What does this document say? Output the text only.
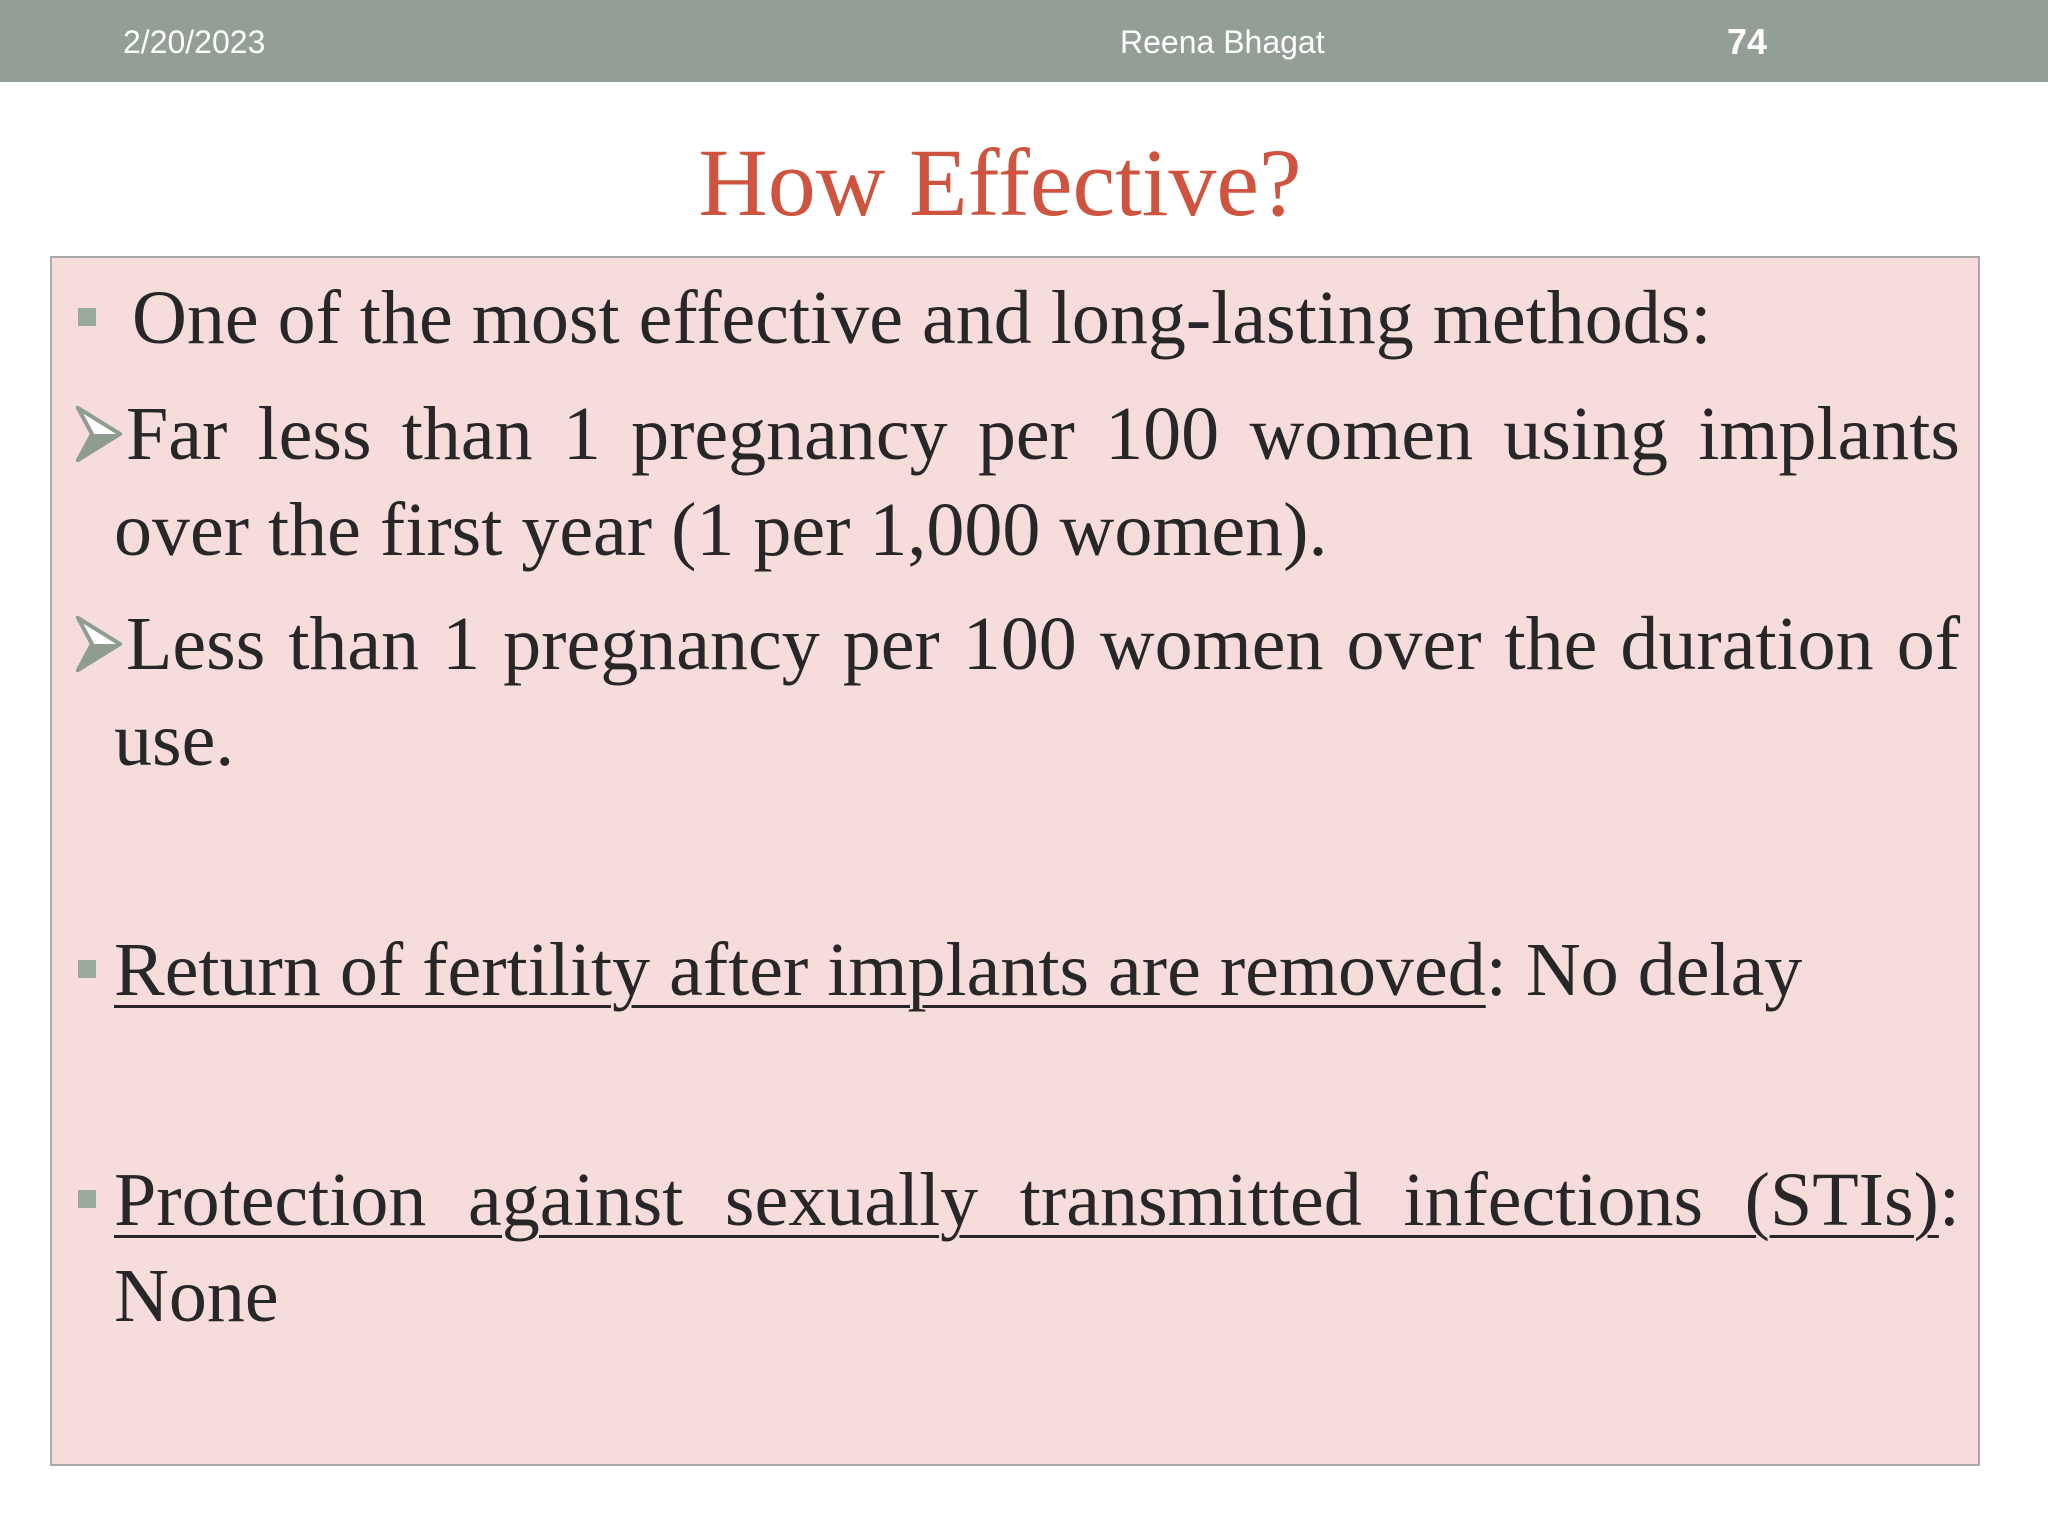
2/20/2023	Reena Bhagat	74
How Effective?
One of the most effective and long-lasting methods:
Far less than 1 pregnancy per 100 women using implants over the first year (1 per 1,000 women).
Less than 1 pregnancy per 100 women over the duration of use.
Return of fertility after implants are removed: No delay
Protection against sexually transmitted infections (STIs): None
